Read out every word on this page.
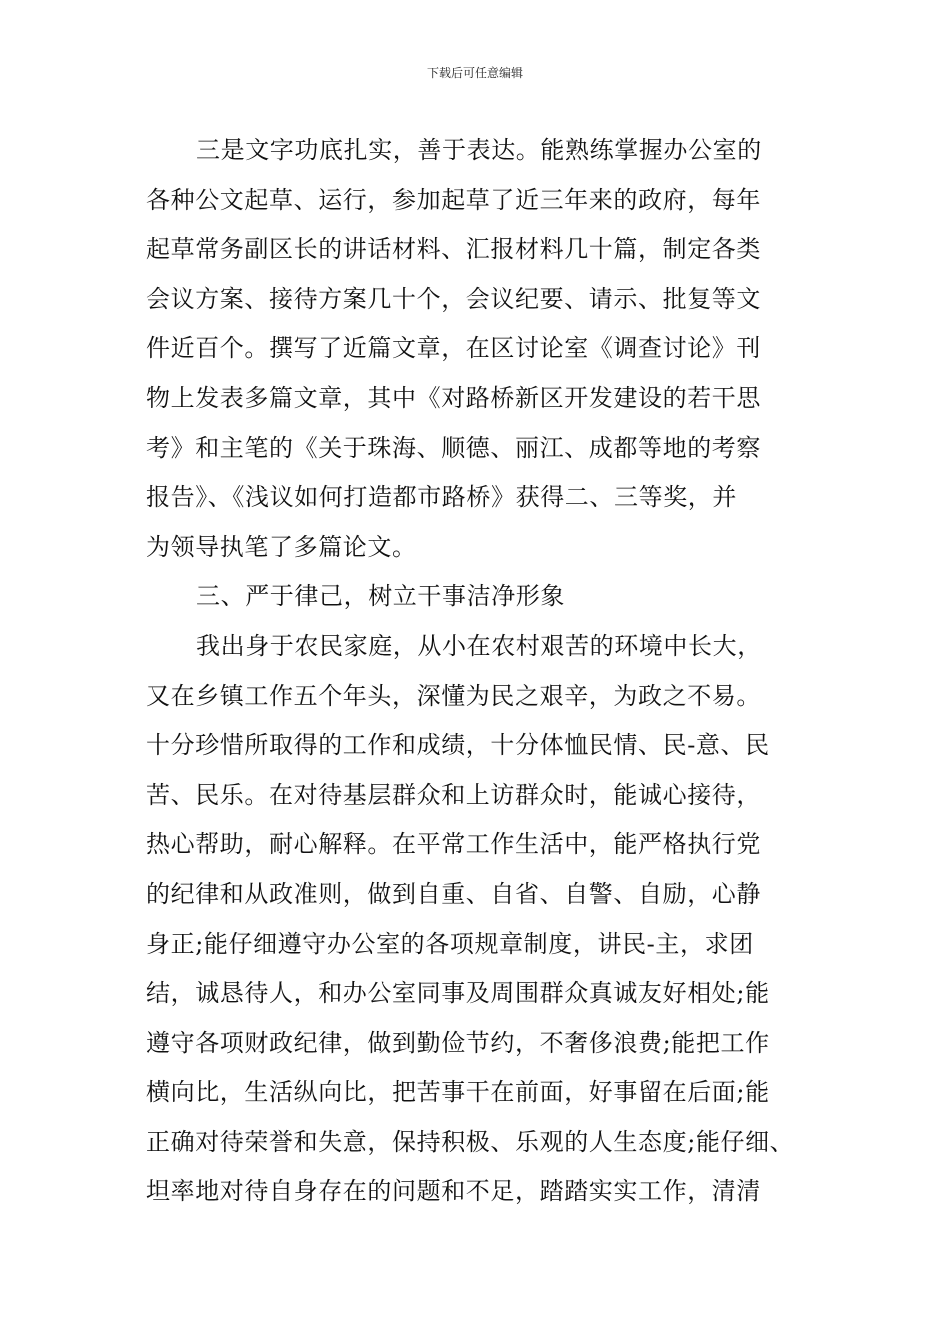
下载后可任意编辑
三是文字功底扎实，善于表达。能熟练掌握办公室的
各种公文起草、运行，参加起草了近三年来的政府，每年
起草常务副区长的讲话材料、汇报材料几十篇，制定各类
会议方案、接待方案几十个，会议纪要、请示、批复等文
件近百个。撰写了近篇文章，在区讨论室《调查讨论》刊
物上发表多篇文章，其中《对路桥新区开发建设的若干思
考》和主笔的《关于珠海、顺德、丽江、成都等地的考察
报告》、《浅议如何打造都市路桥》获得二、三等奖，并
为领导执笔了多篇论文。
三、严于律己，树立干事洁净形象
我出身于农民家庭，从小在农村艰苦的环境中长大，
又在乡镇工作五个年头，深懂为民之艰辛，为政之不易。
十分珍惜所取得的工作和成绩，十分体恤民情、民-意、民
苦、民乐。在对待基层群众和上访群众时，能诚心接待，
热心帮助，耐心解释。在平常工作生活中，能严格执行党
的纪律和从政准则，做到自重、自省、自警、自励，心静
身正;能仔细遵守办公室的各项规章制度，讲民-主，求团
结，诚恳待人，和办公室同事及周围群众真诚友好相处;能
遵守各项财政纪律，做到勤俭节约，不奢侈浪费;能把工作
横向比，生活纵向比，把苦事干在前面，好事留在后面;能
正确对待荣誉和失意，保持积极、乐观的人生态度;能仔细、
坦率地对待自身存在的问题和不足，踏踏实实工作，清清
